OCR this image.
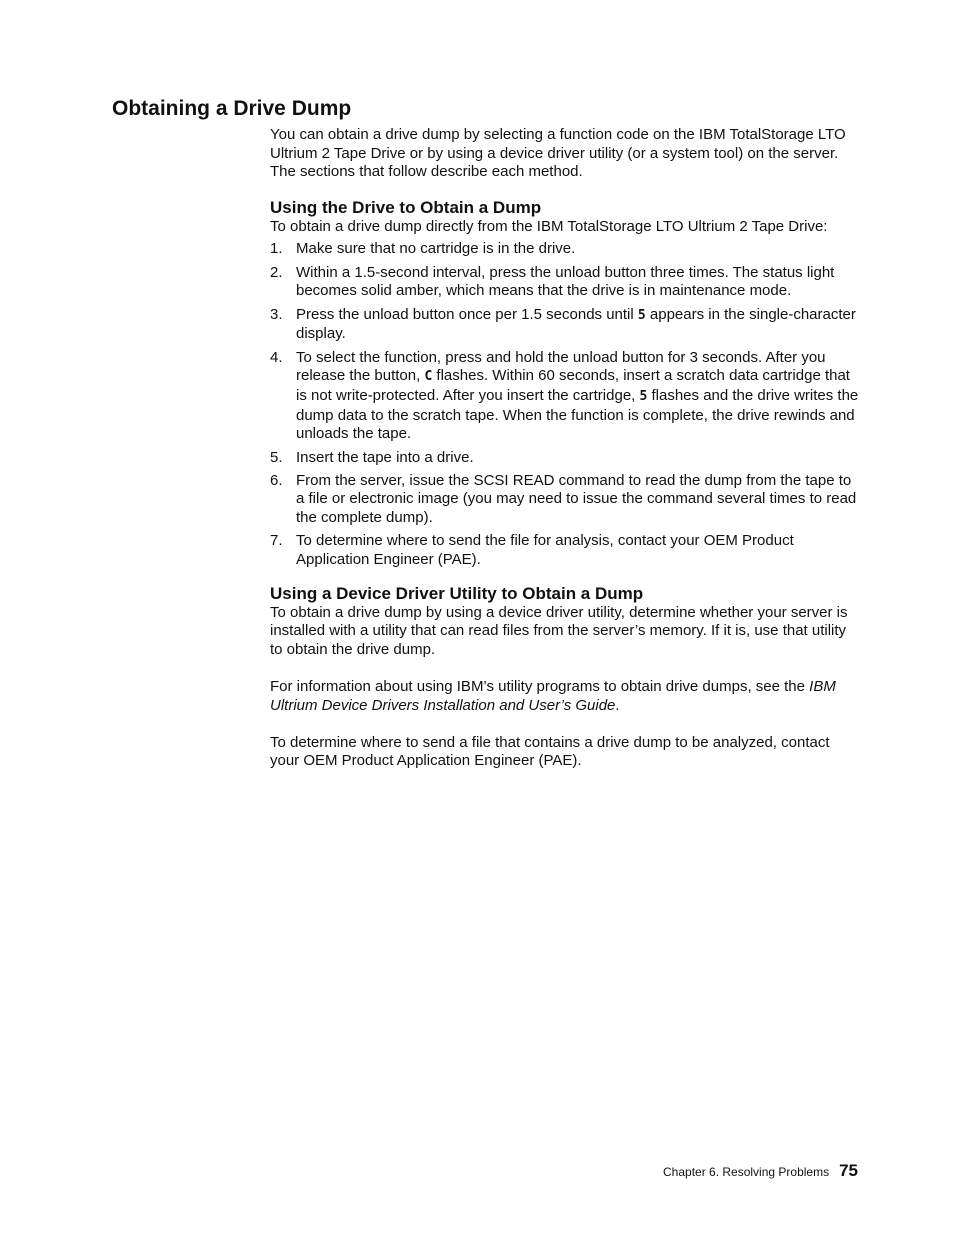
Obtaining a Drive Dump

You can obtain a drive dump by selecting a function code on the IBM TotalStorage LTO Ultrium 2 Tape Drive or by using a device driver utility (or a system tool) on the server. The sections that follow describe each method.

Using the Drive to Obtain a Dump

To obtain a drive dump directly from the IBM TotalStorage LTO Ultrium 2 Tape Drive:

1. Make sure that no cartridge is in the drive.
2. Within a 1.5-second interval, press the unload button three times. The status light becomes solid amber, which means that the drive is in maintenance mode.
3. Press the unload button once per 1.5 seconds until 5 appears in the single-character display.
4. To select the function, press and hold the unload button for 3 seconds. After you release the button, C flashes. Within 60 seconds, insert a scratch data cartridge that is not write-protected. After you insert the cartridge, 5 flashes and the drive writes the dump data to the scratch tape. When the function is complete, the drive rewinds and unloads the tape.
5. Insert the tape into a drive.
6. From the server, issue the SCSI READ command to read the dump from the tape to a file or electronic image (you may need to issue the command several times to read the complete dump).
7. To determine where to send the file for analysis, contact your OEM Product Application Engineer (PAE).
Using a Device Driver Utility to Obtain a Dump

To obtain a drive dump by using a device driver utility, determine whether your server is installed with a utility that can read files from the server’s memory. If it is, use that utility to obtain the drive dump.

For information about using IBM’s utility programs to obtain drive dumps, see the IBM Ultrium Device Drivers Installation and User’s Guide.

To determine where to send a file that contains a drive dump to be analyzed, contact your OEM Product Application Engineer (PAE).

Chapter 6. Resolving Problems 75
